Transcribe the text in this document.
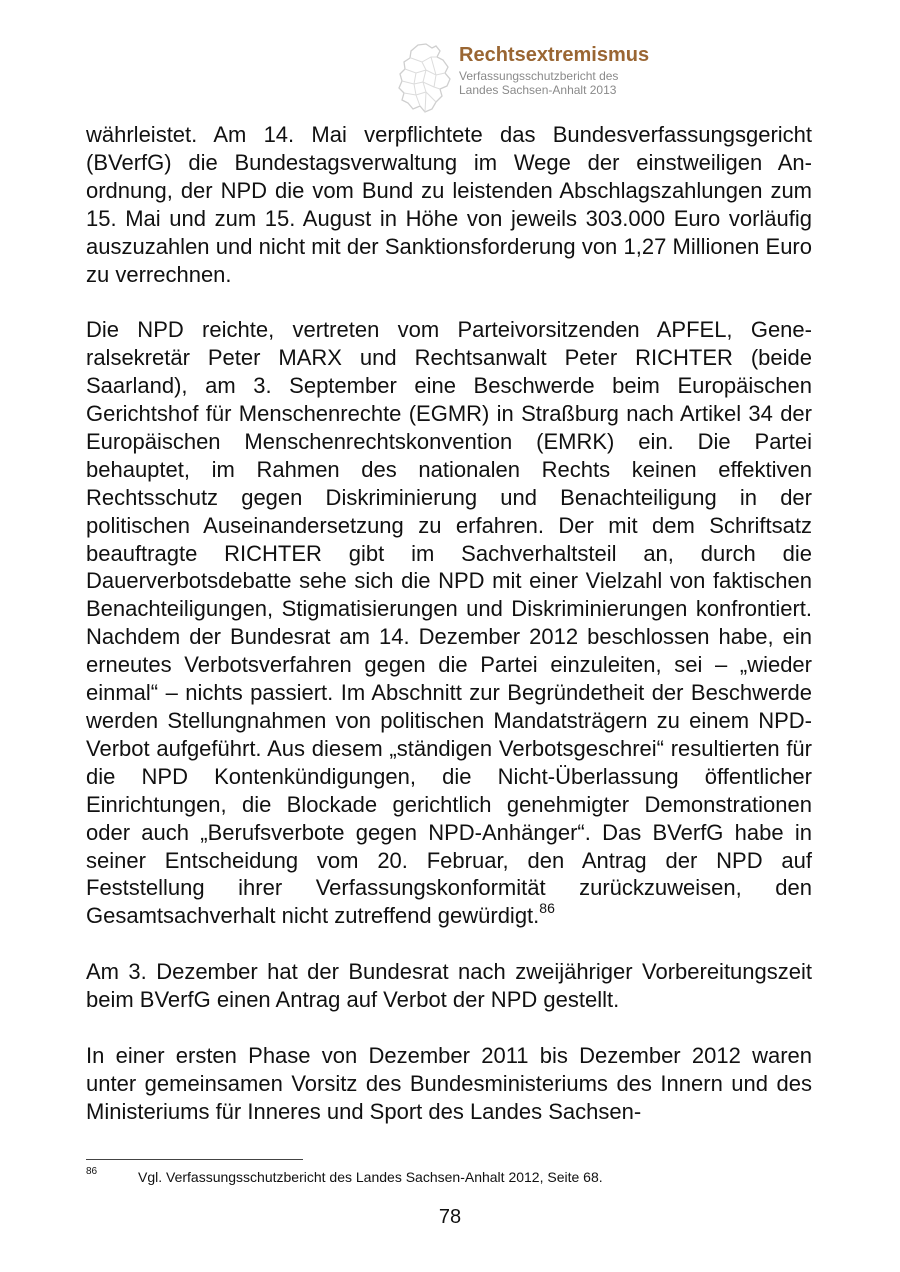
Rechtsextremismus
Verfassungsschutzbericht des
Landes Sachsen-Anhalt 2013

währleistet. Am 14. Mai verpflichtete das Bundesverfassungsgericht (BVerfG) die Bundestagsverwaltung im Wege der einstweiligen Anordnung, der NPD die vom Bund zu leistenden Abschlagszahlungen zum 15. Mai und zum 15. August in Höhe von jeweils 303.000 Euro vorläufig auszuzahlen und nicht mit der Sanktionsforderung von 1,27 Millionen Euro zu verrechnen.

Die NPD reichte, vertreten vom Parteivorsitzenden APFEL, Generalsekretär Peter MARX und Rechtsanwalt Peter RICHTER (beide Saarland), am 3. September eine Beschwerde beim Europäischen Gerichtshof für Menschenrechte (EGMR) in Straßburg nach Artikel 34 der Europäischen Menschenrechtskonvention (EMRK) ein. Die Partei behauptet, im Rahmen des nationalen Rechts keinen effektiven Rechtsschutz gegen Diskriminierung und Benachteiligung in der politischen Auseinandersetzung zu erfahren. Der mit dem Schriftsatz beauftragte RICHTER gibt im Sachverhaltsteil an, durch die Dauerverbotsdebatte sehe sich die NPD mit einer Vielzahl von faktischen Benachteiligungen, Stigmatisierungen und Diskriminierungen konfrontiert. Nachdem der Bundesrat am 14. Dezember 2012 beschlossen habe, ein erneutes Verbotsverfahren gegen die Partei einzuleiten, sei – „wieder einmal“ – nichts passiert. Im Abschnitt zur Begründetheit der Beschwerde werden Stellungnahmen von politischen Mandatsträgern zu einem NPD-Verbot aufgeführt. Aus diesem „ständigen Verbotsgeschrei“ resultierten für die NPD Kontenkündigungen, die Nicht-Überlassung öffentlicher Einrichtungen, die Blockade gerichtlich genehmigter Demonstrationen oder auch „Berufsverbote gegen NPD-Anhänger“. Das BVerfG habe in seiner Entscheidung vom 20. Februar, den Antrag der NPD auf Feststellung ihrer Verfassungskonformität zurückzuweisen, den Gesamtsachverhalt nicht zutreffend gewürdigt.$^{86}$

Am 3. Dezember hat der Bundesrat nach zweijähriger Vorbereitungszeit beim BVerfG einen Antrag auf Verbot der NPD gestellt.

In einer ersten Phase von Dezember 2011 bis Dezember 2012 waren unter gemeinsamen Vorsitz des Bundesministeriums des Innern und des Ministeriums für Inneres und Sport des Landes Sachsen-

86	Vgl. Verfassungsschutzbericht des Landes Sachsen-Anhalt 2012, Seite 68.
78
